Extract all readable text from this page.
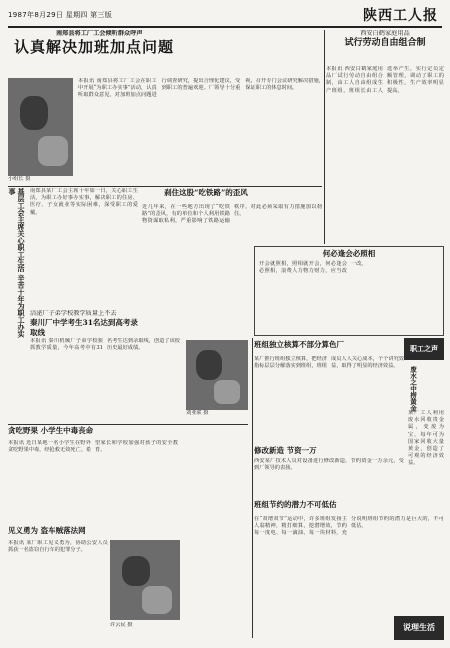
1987年8月29日 星期四 第三版	陕西工人报
南郑县将工厂工会倾听群众呼声
认真解决加班加点问题
小组长 摄
本报讯 南郑县将工厂工会在职工中开展“为职工办实事”活动，认真听取群众意见，对加班加点问题进行调查研究，提出合理化建议，受到职工的普遍欢迎。厂领导十分重视，召开专门会议研究解决措施，保证职工的休息时间。
西安白鹤家庭用品
试行劳动自由组合制
本报讯 西安白鹤家庭用品厂试行劳动自由组合制，由工人自由组成生产班组，班组长由工人选举产生，实行定员定额管理，调动了职工的积极性，生产效率明显提高。
基层工会主席关心职工生活 辛苦十年为职工办实事	南郑县某厂工会主席十年如一日，关心职工生活，为职工办好事办实事，解决职工的住房、医疗、子女就业等实际困难，深受职工的爱戴。
刹住这股“吃铁路”的歪风
近几年来，在一些地方出现了“吃铁路”的歪风，有的单位和个人利用铁路物资谋取私利，严重影响了铁路运输秩序。对此必须采取有力措施加以刹住。
涪泌厂子弟学校教学质量上不去
秦川厂中学考生31名达到高考录取线
本报讯 秦川机械厂子弟学校狠抓教学质量，今年高考中有31名考生达到录取线，创造了该校历史最好成绩。
何必逢会必照相
开会就照相，照相就开会，何必逢会必照相，浪费人力物力财力，应当改一改。
职工之声
刘亚联 摄
班组独立核算不部分算色厂
某厂推行班组独立核算，把经济指标层层分解落实到班组，班组成员人人关心成本，个个讲究效益，取得了明显的经济效益。
修改新造 节资一万
西安某厂技术人员对设备进行修改新造，节约资金一万余元，受到厂领导的表扬。
班组节约的潜力不可低估
在“双增双节”运动中，许多班组发扬主人翁精神，精打细算，挖潜增效，节约每一度电、每一滴油、每一块材料，充分说明班组节约的潜力是巨大的，不可低估。
废水之中捞黄金
某厂工人利用废水回收贵金属，变废为宝，每年可为国家回收大量黄金，创造了可观的经济效益。
贪吃野果 小学生中毒丧命
本报讯 近日某地一名小学生在野外贪吃野果中毒，经抢救无效死亡。希望家长和学校加强对孩子的安全教育。
见义勇为 盗车贼落法网
本报讯 某厂职工见义勇为，协助公安人员抓获一名盗窃自行车的犯罪分子。
许云民 摄	说理生活
